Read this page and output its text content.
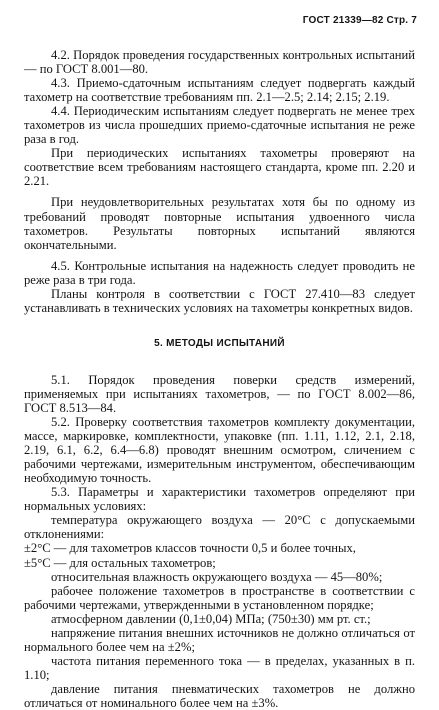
ГОСТ 21339—82 Стр. 7

4.2. Порядок проведения государственных контрольных испытаний — по ГОСТ 8.001—80.

4.3. Приемо-сдаточным испытаниям следует подвергать каждый тахометр на соответствие требованиям пп. 2.1—2.5; 2.14; 2.15; 2.19.

4.4. Периодическим испытаниям следует подвергать не менее трех тахометров из числа прошедших приемо-сдаточные испытания не реже раза в год.

При периодических испытаниях тахометры проверяют на соответствие всем требованиям настоящего стандарта, кроме пп. 2.20 и 2.21.

При неудовлетворительных результатах хотя бы по одному из требований проводят повторные испытания удвоенного числа тахометров. Результаты повторных испытаний являются окончательными.

4.5. Контрольные испытания на надежность следует проводить не реже раза в три года.

Планы контроля в соответствии с ГОСТ 27.410—83 следует устанавливать в технических условиях на тахометры конкретных видов.

5. МЕТОДЫ ИСПЫТАНИЙ

5.1. Порядок проведения поверки средств измерений, применяемых при испытаниях тахометров, — по ГОСТ 8.002—86, ГОСТ 8.513—84.

5.2. Проверку соответствия тахометров комплекту документации, массе, маркировке, комплектности, упаковке (пп. 1.11, 1.12, 2.1, 2.18, 2.19, 6.1, 6.2, 6.4—6.8) проводят внешним осмотром, сличением с рабочими чертежами, измерительным инструментом, обеспечивающим необходимую точность.

5.3. Параметры и характеристики тахометров определяют при нормальных условиях:

температура окружающего воздуха — 20°С с допускаемыми отклонениями:

±2°С — для тахометров классов точности 0,5 и более точных,

±5°С — для остальных тахометров;

относительная влажность окружающего воздуха — 45—80%;

рабочее положение тахометров в пространстве в соответствии с рабочими чертежами, утвержденными в установленном порядке;

атмосферном давлении (0,1±0,04) МПа; (750±30) мм рт. ст.;

напряжение питания внешних источников не должно отличаться от нормального более чем на ±2%;

частота питания переменного тока — в пределах, указанных в п. 1.10;

давление питания пневматических тахометров не должно отличаться от номинального более чем на ±3%.
